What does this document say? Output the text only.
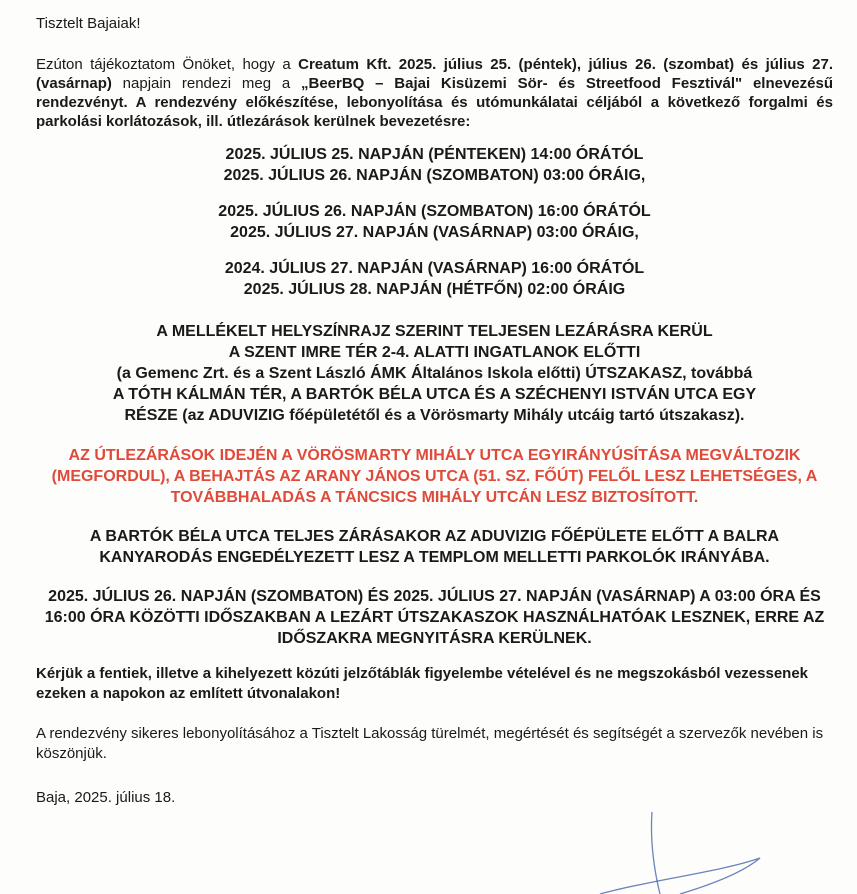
Tisztelt Bajaiak!

Ezúton tájékoztatom Önöket, hogy a Creatum Kft. 2025. július 25. (péntek), július 26. (szombat) és július 27. (vasárnap) napjain rendezi meg a „BeerBQ – Bajai Kisüzemi Sör- és Streetfood Fesztivál" elnevezésű rendezvényt. A rendezvény előkészítése, lebonyolítása és utómunkálatai céljából a következő forgalmi és parkolási korlátozások, ill. útlezárások kerülnek bevezetésre:

2025. JÚLIUS 25. NAPJÁN (PÉNTEKEN) 14:00 ÓRÁTÓL
2025. JÚLIUS 26. NAPJÁN (SZOMBATON) 03:00 ÓRÁIG,
2025. JÚLIUS 26. NAPJÁN (SZOMBATON) 16:00 ÓRÁTÓL
2025. JÚLIUS 27. NAPJÁN (VASÁRNAP) 03:00 ÓRÁIG,
2024. JÚLIUS 27. NAPJÁN (VASÁRNAP) 16:00 ÓRÁTÓL
2025. JÚLIUS 28. NAPJÁN (HÉTFŐN) 02:00 ÓRÁIG
A MELLÉKELT HELYSZÍNRAJZ SZERINT TELJESEN LEZÁRÁSRA KERÜL
A SZENT IMRE TÉR 2-4. ALATTI INGATLANOK ELŐTTI
(a Gemenc Zrt. és a Szent László ÁMK Általános Iskola előtti) ÚTSZAKASZ, továbbá
A TÓTH KÁLMÁN TÉR, A BARTÓK BÉLA UTCA ÉS A SZÉCHENYI ISTVÁN UTCA EGY
RÉSZE (az ADUVIZIG főépületétől és a Vörösmarty Mihály utcáig tartó útszakasz).
AZ ÚTLEZÁRÁSOK IDEJÉN A VÖRÖSMARTY MIHÁLY UTCA EGYIRÁNYÚSÍTÁSA MEGVÁLTOZIK (MEGFORDUL), A BEHAJTÁS AZ ARANY JÁNOS UTCA (51. SZ. FŐÚT) FELŐL LESZ LEHETSÉGES, A TOVÁBBHALADÁS A TÁNCSICS MIHÁLY UTCÁN LESZ BIZTOSÍTOTT.
A BARTÓK BÉLA UTCA TELJES ZÁRÁSAKOR AZ ADUVIZIG FŐÉPÜLETE ELŐTT A BALRA KANYARODÁS ENGEDÉLYEZETT LESZ A TEMPLOM MELLETTI PARKOLÓK IRÁNYÁBA.
2025. JÚLIUS 26. NAPJÁN (SZOMBATON) ÉS 2025. JÚLIUS 27. NAPJÁN (VASÁRNAP) A 03:00 ÓRA ÉS 16:00 ÓRA KÖZÖTTI IDŐSZAKBAN A LEZÁRT ÚTSZAKASZOK HASZNÁLHATÓAK LESZNEK, ERRE AZ IDŐSZAKRA MEGNYITÁSRA KERÜLNEK.

Kérjük a fentiek, illetve a kihelyezett közúti jelzőtáblák figyelembe vételével és ne megszokásból vezessenek ezeken a napokon az említett útvonalakon!

A rendezvény sikeres lebonyolításához a Tisztelt Lakosság türelmét, megértését és segítségét a szervezők nevében is köszönjük.

Baja, 2025. július 18.
